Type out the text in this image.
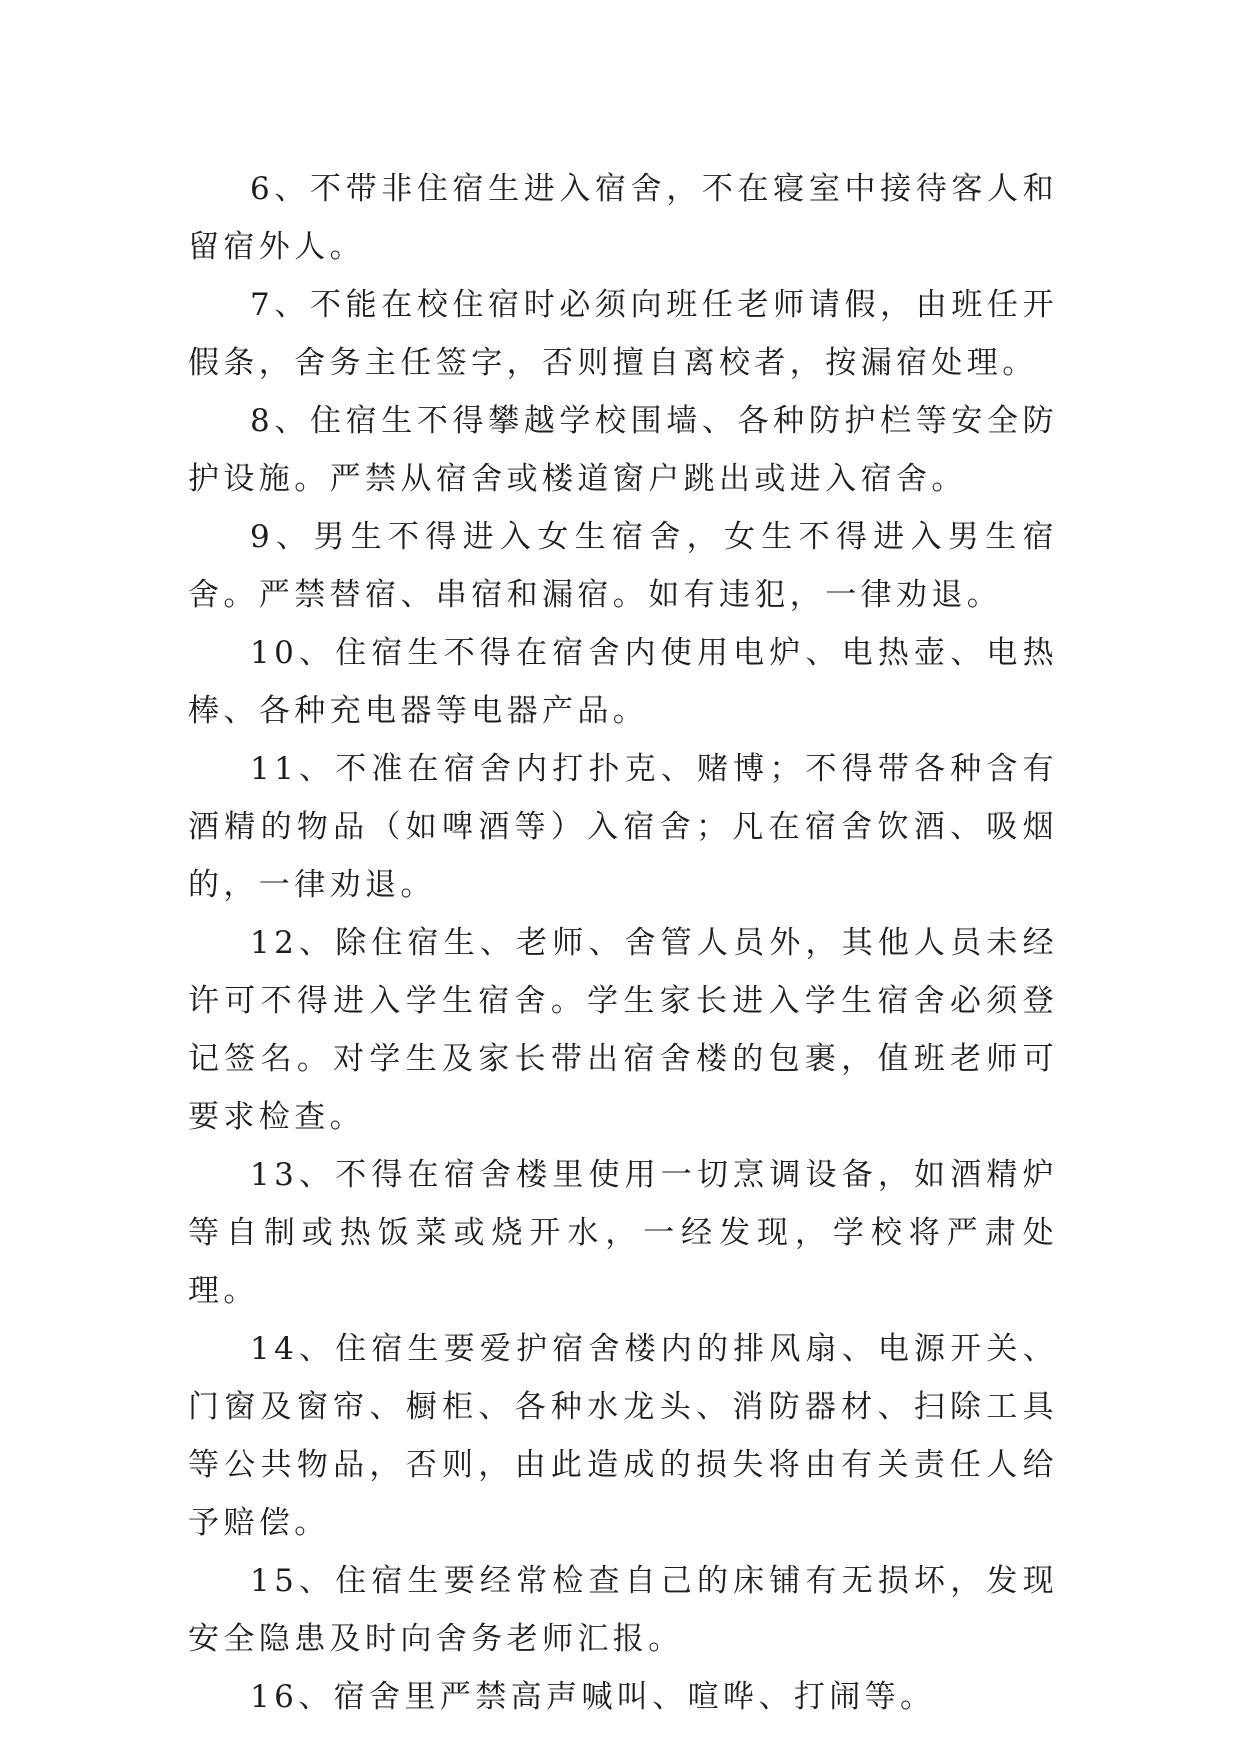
6、不带非住宿生进入宿舍，不在寝室中接待客人和留宿外人。

7、不能在校住宿时必须向班任老师请假，由班任开假条，舍务主任签字，否则擅自离校者，按漏宿处理。

8、住宿生不得攀越学校围墙、各种防护栏等安全防护设施。严禁从宿舍或楼道窗户跳出或进入宿舍。

9、男生不得进入女生宿舍，女生不得进入男生宿舍。严禁替宿、串宿和漏宿。如有违犯，一律劝退。

10、住宿生不得在宿舍内使用电炉、电热壶、电热棒、各种充电器等电器产品。

11、不准在宿舍内打扑克、赌博；不得带各种含有酒精的物品（如啤酒等）入宿舍；凡在宿舍饮酒、吸烟的，一律劝退。

12、除住宿生、老师、舍管人员外，其他人员未经许可不得进入学生宿舍。学生家长进入学生宿舍必须登记签名。对学生及家长带出宿舍楼的包裹，值班老师可要求检查。

13、不得在宿舍楼里使用一切烹调设备，如酒精炉等自制或热饭菜或烧开水，一经发现，学校将严肃处理。

14、住宿生要爱护宿舍楼内的排风扇、电源开关、门窗及窗帘、橱柜、各种水龙头、消防器材、扫除工具等公共物品，否则，由此造成的损失将由有关责任人给予赔偿。

15、住宿生要经常检查自己的床铺有无损坏，发现安全隐患及时向舍务老师汇报。

16、宿舍里严禁高声喊叫、喧哗、打闹等。
